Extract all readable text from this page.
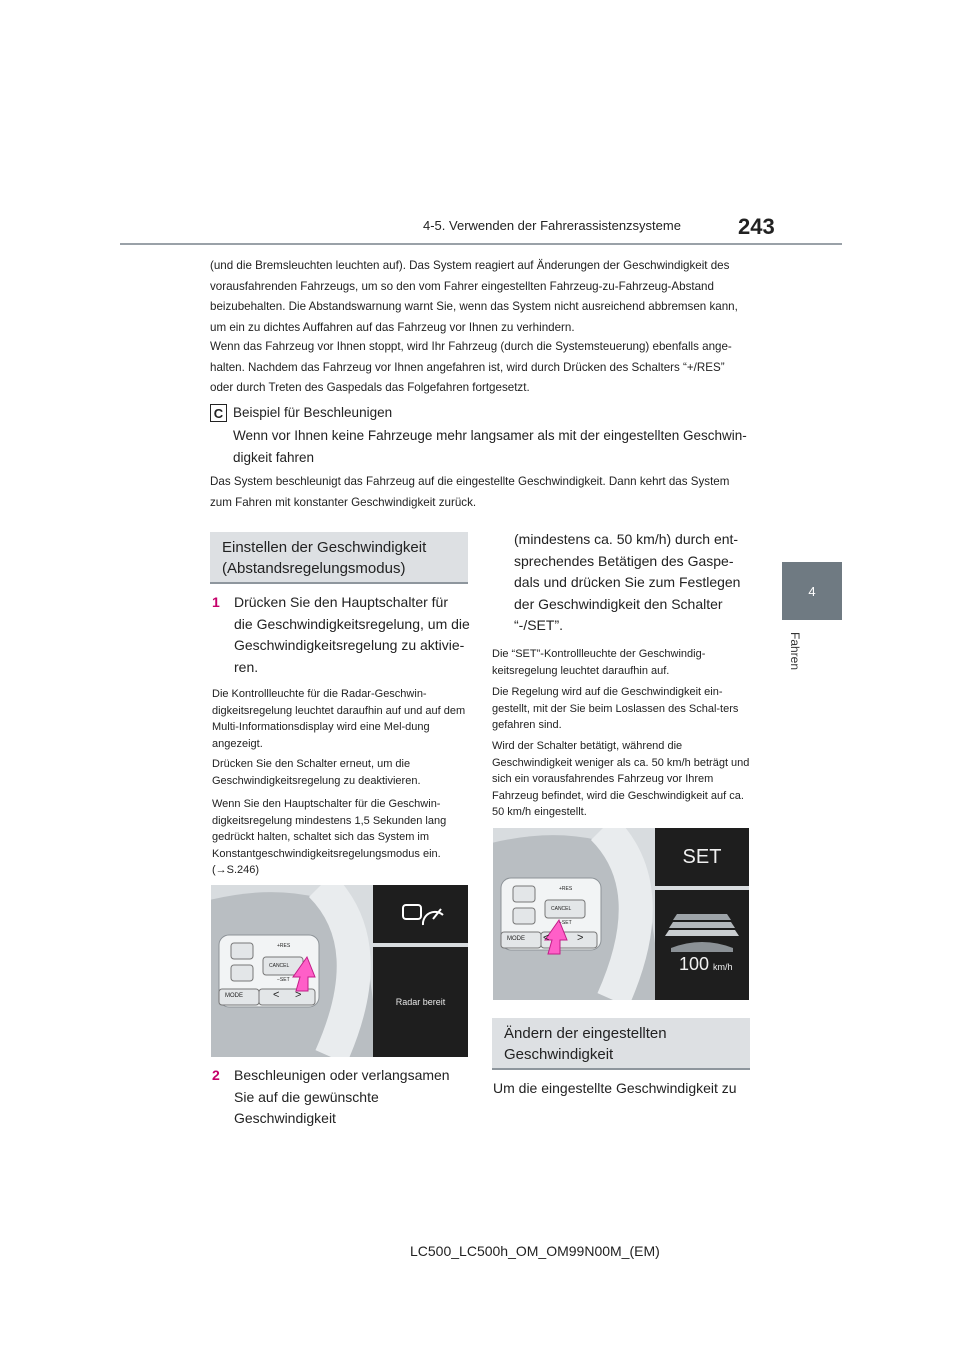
4-5. Verwenden der Fahrerassistenzsysteme	243
4
Fahren
(und die Bremsleuchten leuchten auf). Das System reagiert auf Änderungen der Geschwindigkeit des vorausfahrenden Fahrzeugs, um so den vom Fahrer eingestellten Fahrzeug-zu-Fahrzeug-Abstand beizubehalten. Die Abstandswarnung warnt Sie, wenn das System nicht ausreichend abbremsen kann, um ein zu dichtes Auffahren auf das Fahrzeug vor Ihnen zu verhindern.
Wenn das Fahrzeug vor Ihnen stoppt, wird Ihr Fahrzeug (durch die Systemsteuerung) ebenfalls ange-halten. Nachdem das Fahrzeug vor Ihnen angefahren ist, wird durch Drücken des Schalters “+/RES” oder durch Treten des Gaspedals das Folgefahren fortgesetzt.
C Beispiel für Beschleunigen
Wenn vor Ihnen keine Fahrzeuge mehr langsamer als mit der eingestellten Geschwin-digkeit fahren
Das System beschleunigt das Fahrzeug auf die eingestellte Geschwindigkeit. Dann kehrt das System zum Fahren mit konstanter Geschwindigkeit zurück.
Einstellen der Geschwindigkeit (Abstandsregelungsmodus)
1 Drücken Sie den Hauptschalter für die Geschwindigkeitsregelung, um die Geschwindigkeitsregelung zu aktivie-ren.
Die Kontrollleuchte für die Radar-Geschwin-digkeitsregelung leuchtet daraufhin auf und auf dem Multi-Informationsdisplay wird eine Mel-dung angezeigt.
Drücken Sie den Schalter erneut, um die Geschwindigkeitsregelung zu deaktivieren.
Wenn Sie den Hauptschalter für die Geschwin-digkeitsregelung mindestens 1,5 Sekunden lang gedrückt halten, schaltet sich das System im Konstantgeschwindigkeitsregelungsmodus ein.
(→S.246)
CANCEL
+RES
−SET
MODE	< >
Radar bereit
2 Beschleunigen oder verlangsamen Sie auf die gewünschte Geschwindigkeit
(mindestens ca. 50 km/h) durch ent-sprechendes Betätigen des Gaspe-dals und drücken Sie zum Festlegen der Geschwindigkeit den Schalter “-/SET”.
Die “SET”-Kontrollleuchte der Geschwindig-keitsregelung leuchtet daraufhin auf.
Die Regelung wird auf die Geschwindigkeit ein-gestellt, mit der Sie beim Loslassen des Schal-ters gefahren sind.
Wird der Schalter betätigt, während die Geschwindigkeit weniger als ca. 50 km/h beträgt und sich ein vorausfahrendes Fahrzeug vor Ihrem Fahrzeug befindet, wird die Geschwindigkeit auf ca. 50 km/h eingestellt.
CANCEL
+RES
−SET
MODE <	>
SET
100 km/h
Ändern der eingestellten Geschwindigkeit
Um die eingestellte Geschwindigkeit zu
LC500_LC500h_OM_OM99N00M_(EM)
